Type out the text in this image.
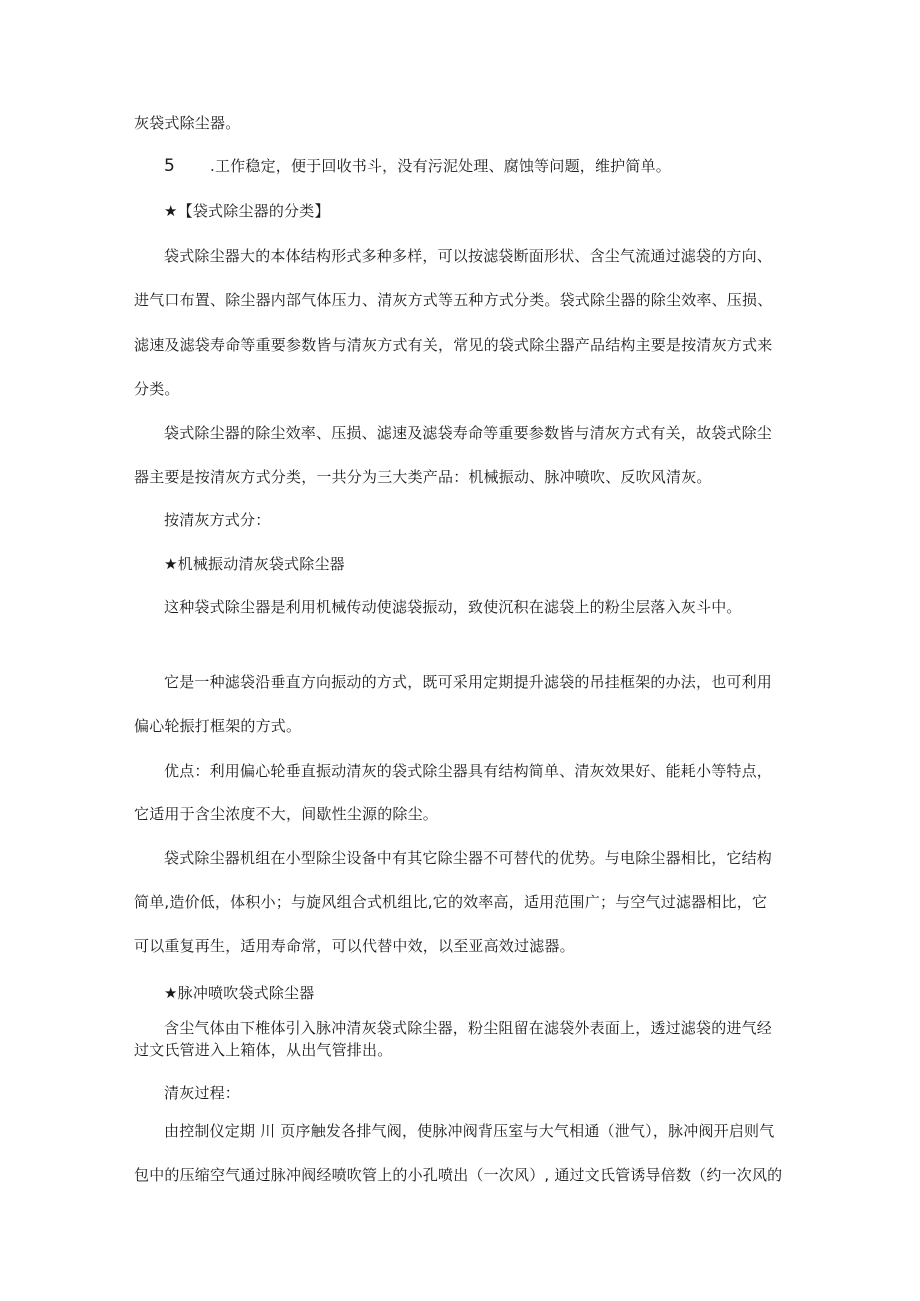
灰袋式除尘器。
5 .工作稳定，便于回收书斗，没有污泥处理、腐蚀等问题，维护简单。
★【袋式除尘器的分类】
袋式除尘器大的本体结构形式多种多样，可以按滤袋断面形状、含尘气流通过滤袋的方向、
进气口布置、除尘器内部气体压力、清灰方式等五种方式分类。袋式除尘器的除尘效率、压损、
滤速及滤袋寿命等重要参数皆与清灰方式有关，常见的袋式除尘器产品结构主要是按清灰方式来
分类。
袋式除尘器的除尘效率、压损、滤速及滤袋寿命等重要参数皆与清灰方式有关，故袋式除尘
器主要是按清灰方式分类，一共分为三大类产品：机械振动、脉冲喷吹、反吹风清灰。
按清灰方式分：
★机械振动清灰袋式除尘器
这种袋式除尘器是利用机械传动使滤袋振动，致使沉积在滤袋上的粉尘层落入灰斗中。
它是一种滤袋沿垂直方向振动的方式，既可采用定期提升滤袋的吊挂框架的办法，也可利用
偏心轮振打框架的方式。
优点：利用偏心轮垂直振动清灰的袋式除尘器具有结构简单、清灰效果好、能耗小等特点，
它适用于含尘浓度不大，间歇性尘源的除尘。
袋式除尘器机组在小型除尘设备中有其它除尘器不可替代的优势。与电除尘器相比，它结构
简单,造价低，体积小；与旋风组合式机组比,它的效率高，适用范围广；与空气过滤器相比，它
可以重复再生，适用寿命常，可以代替中效，以至亚高效过滤器。
★脉冲喷吹袋式除尘器
含尘气体由下椎体引入脉冲清灰袋式除尘器，粉尘阻留在滤袋外表面上，透过滤袋的进气经
过文氏管进入上箱体，从出气管排出。
清灰过程：
由控制仪定期 川 页序触发各排气阀，使脉冲阀背压室与大气相通（泄气），脉冲阀开启则气
包中的压缩空气通过脉冲阀经喷吹管上的小孔喷出（一次风）, 通过文氏管诱导倍数（约一次风的
